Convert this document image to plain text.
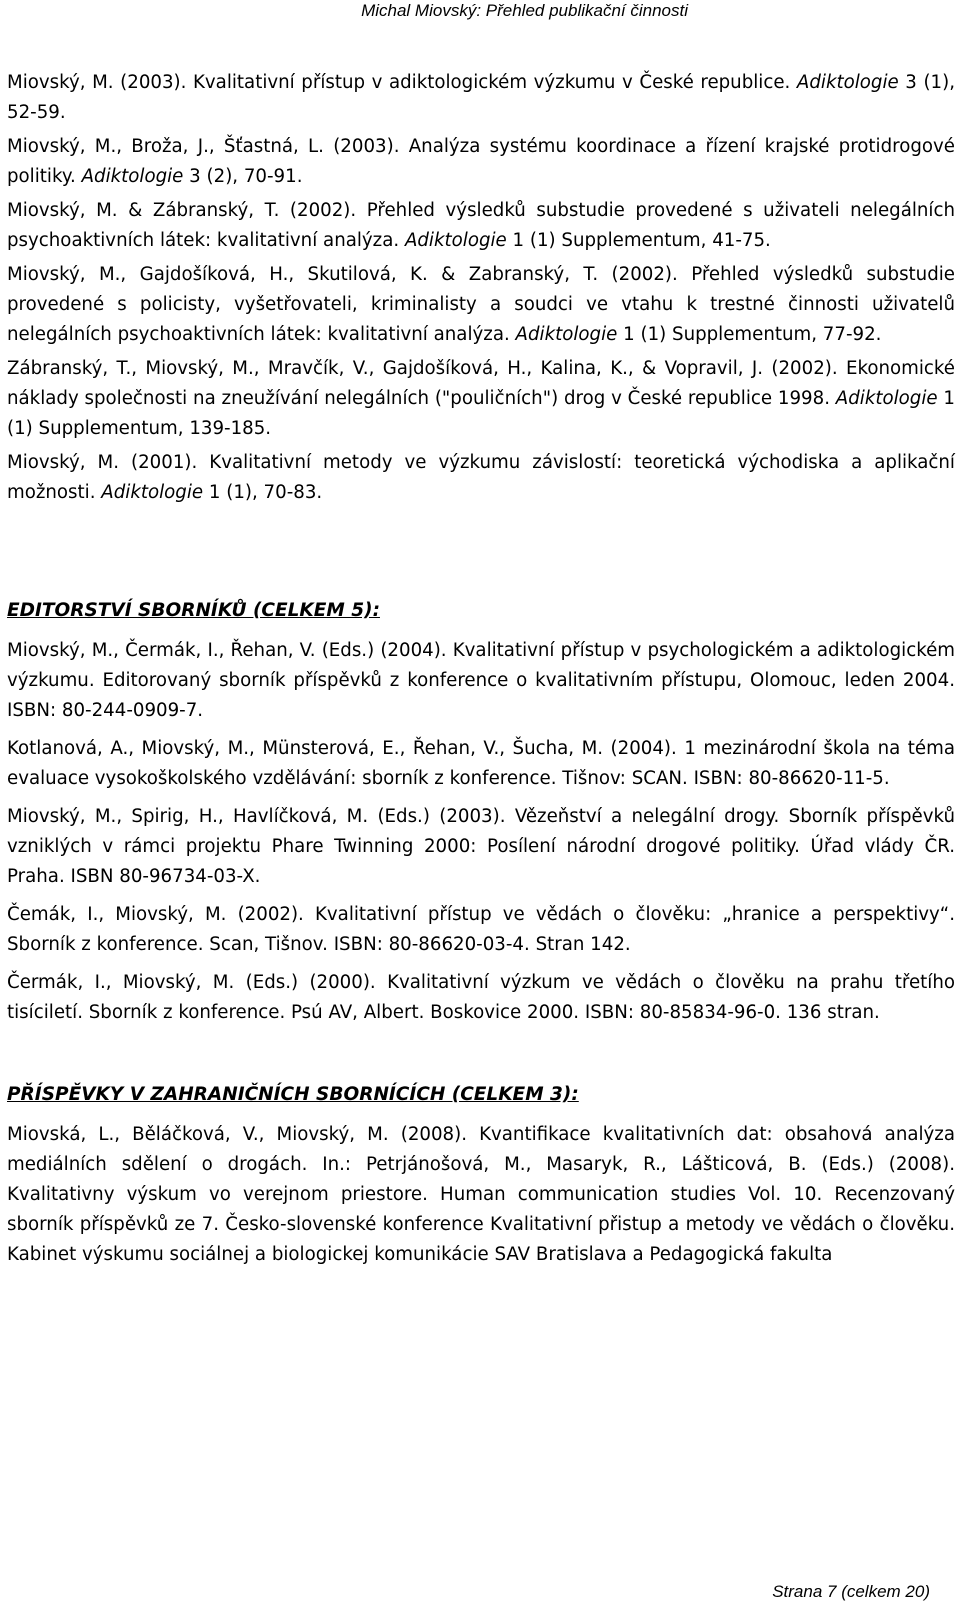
Michal Miovský: Přehled publikační činnosti

Miovský, M. (2003). Kvalitativní přístup v adiktologickém výzkumu v České republice. Adiktologie 3 (1), 52-59.

Miovský, M., Broža, J., Šťastná, L. (2003). Analýza systému koordinace a řízení krajské protidrogové politiky. Adiktologie 3 (2), 70-91.

Miovský, M. & Zábranský, T. (2002). Přehled výsledků substudie provedené s uživateli nelegálních psychoaktivních látek: kvalitativní analýza. Adiktologie 1 (1) Supplementum, 41-75.

Miovský, M., Gajdošíková, H., Skutilová, K. & Zabranský, T. (2002). Přehled výsledků substudie provedené s policisty, vyšetřovateli, kriminalisty a soudci ve vtahu k trestné činnosti uživatelů nelegálních psychoaktivních látek: kvalitativní analýza. Adiktologie 1 (1) Supplementum, 77-92.

Zábranský, T., Miovský, M., Mravčík, V., Gajdošíková, H., Kalina, K., & Vopravil, J. (2002). Ekonomické náklady společnosti na zneužívání nelegálních ("pouličních") drog v České republice 1998. Adiktologie 1 (1) Supplementum, 139-185.

Miovský, M. (2001). Kvalitativní metody ve výzkumu závislostí: teoretická východiska a aplikační možnosti. Adiktologie 1 (1), 70-83.

EDITORSTVÍ SBORNÍKŮ (CELKEM 5):

Miovský, M., Čermák, I., Řehan, V. (Eds.) (2004). Kvalitativní přístup v psychologickém a adiktologickém výzkumu. Editorovaný sborník příspěvků z konference o kvalitativním přístupu, Olomouc, leden 2004. ISBN: 80-244-0909-7.

Kotlanová, A., Miovský, M., Münsterová, E., Řehan, V., Šucha, M. (2004). 1 mezinárodní škola na téma evaluace vysokoškolského vzdělávání: sborník z konference. Tišnov: SCAN. ISBN: 80-86620-11-5.

Miovský, M., Spirig, H., Havlíčková, M. (Eds.) (2003). Vězeňství a nelegální drogy. Sborník příspěvků vzniklých v rámci projektu Phare Twinning 2000: Posílení národní drogové politiky. Úřad vlády ČR. Praha. ISBN 80-96734-03-X.

Čemák, I., Miovský, M. (2002). Kvalitativní přístup ve vědách o člověku: „hranice a perspektivy“. Sborník z konference. Scan, Tišnov. ISBN: 80-86620-03-4. Stran 142.

Čermák, I., Miovský, M. (Eds.) (2000). Kvalitativní výzkum ve vědách o člověku na prahu třetího tisíciletí. Sborník z konference. Psú AV, Albert. Boskovice 2000. ISBN: 80-85834-96-0. 136 stran.

PŘÍSPĚVKY V ZAHRANIČNÍCH SBORNÍCÍCH (CELKEM 3):

Miovská, L., Běláčková, V., Miovský, M. (2008). Kvantifikace kvalitativních dat: obsahová analýza mediálních sdělení o drogách. In.: Petrjánošová, M., Masaryk, R., Lášticová, B. (Eds.) (2008). Kvalitativny výskum vo verejnom priestore. Human communication studies Vol. 10. Recenzovaný sborník příspěvků ze 7. Česko-slovenské konference Kvalitativní přistup a metody ve vědách o člověku. Kabinet výskumu sociálnej a biologickej komunikácie SAV Bratislava a Pedagogická fakulta

Strana 7 (celkem 20)
